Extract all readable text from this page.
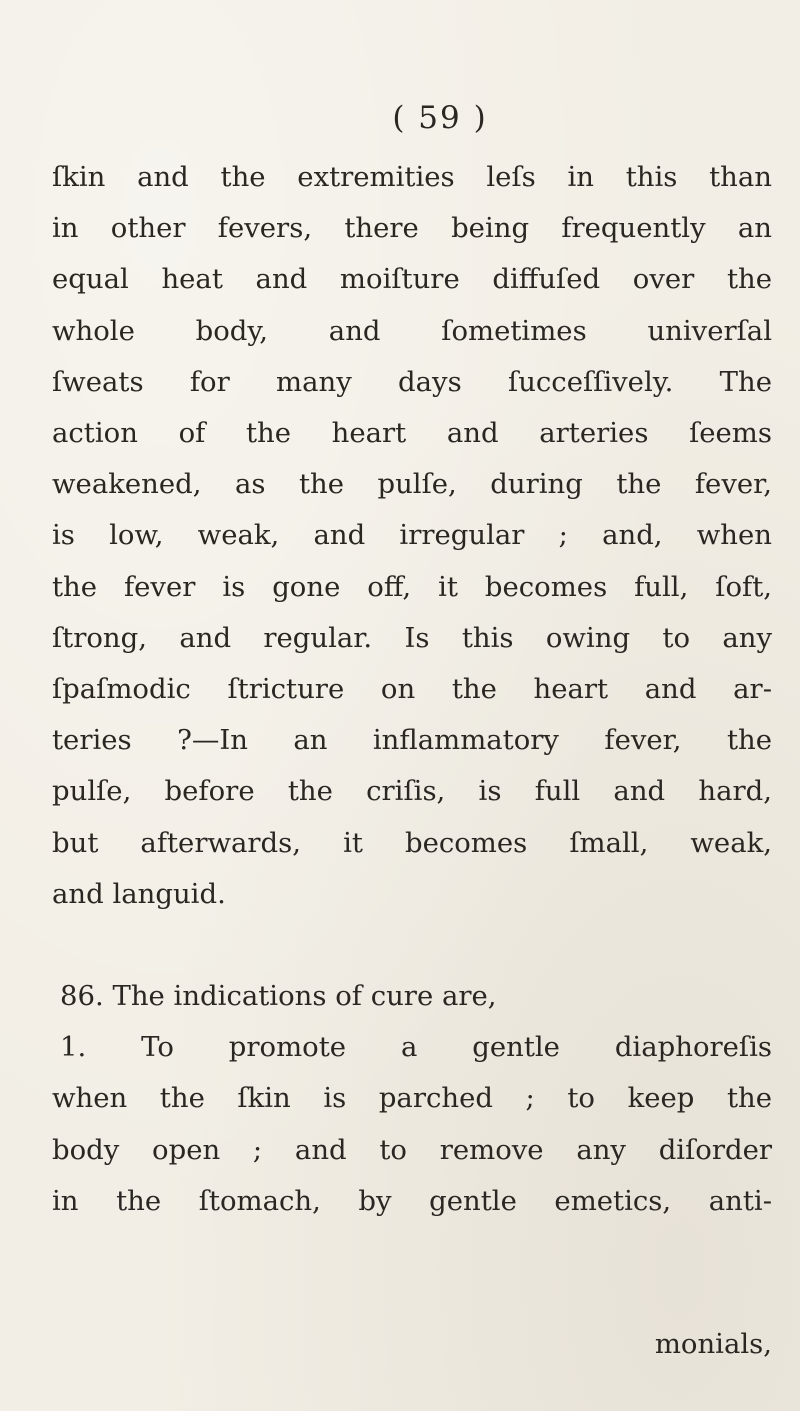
( 59 )
ſkin and the extremities leſs in this than
in other fevers, there being frequently an
equal heat and moiſture diffuſed over the
whole body, and ſometimes univerſal
ſweats for many days ſucceſſively. The
action of the heart and arteries ſeems
weakened, as the pulſe, during the fever,
is low, weak, and irregular ; and, when
the fever is gone off, it becomes full, ſoft,
ſtrong, and regular. Is this owing to any
ſpaſmodic ſtricture on the heart and ar-
teries ?—In an inflammatory fever, the
pulſe, before the criſis, is full and hard,
but afterwards, it becomes ſmall, weak,
and languid.
86. The indications of cure are,
1. To promote a gentle diaphoreſis
when the ſkin is parched ; to keep the
body open ; and to remove any diſorder
in the ſtomach, by gentle emetics, anti-
monials,
